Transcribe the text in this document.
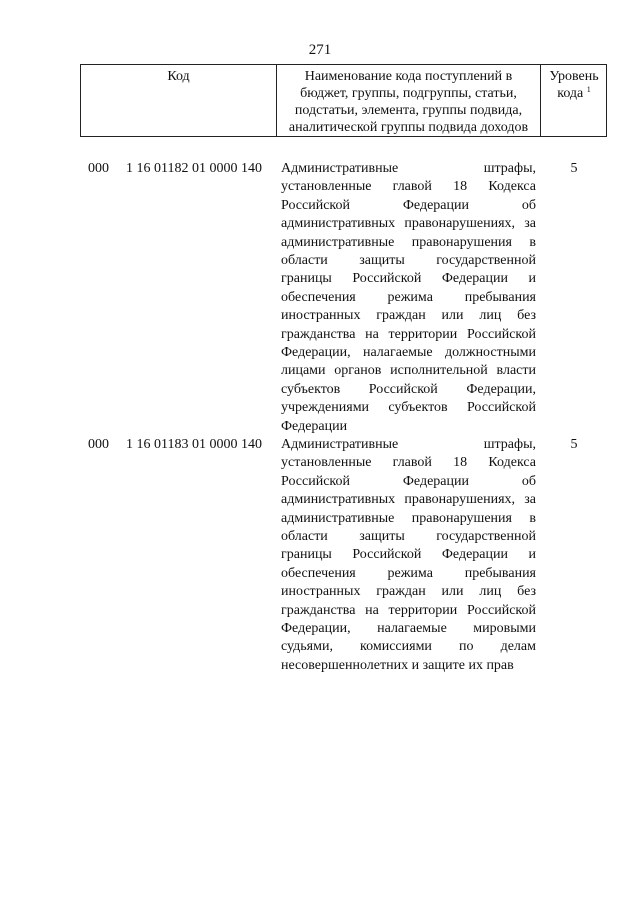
271
Код	Наименование кода поступлений в
бюджет, группы, подгруппы, статьи,
подстатьи, элемента, группы подвида,
аналитической группы подвида доходов
Уровень
кода $^1$
000 1 16 01182 01 0000 140 Административные штрафы,
установленные главой 18 Кодекса
Российской Федерации об
административных правонарушениях, за
административные правонарушения в
области защиты государственной
границы Российской Федерации и
обеспечения режима пребывания
иностранных граждан или лиц без
гражданства на территории Российской
Федерации, налагаемые должностными
лицами органов исполнительной власти
субъектов Российской Федерации,
учреждениями субъектов Российской
Федерации
5
000 1 16 01183 01 0000 140 Административные штрафы,
установленные главой 18 Кодекса
Российской Федерации об
административных правонарушениях, за
административные правонарушения в
области защиты государственной
границы Российской Федерации и
обеспечения режима пребывания
иностранных граждан или лиц без
гражданства на территории Российской
Федерации, налагаемые мировыми
судьями, комиссиями по делам
несовершеннолетних и защите их прав
5
